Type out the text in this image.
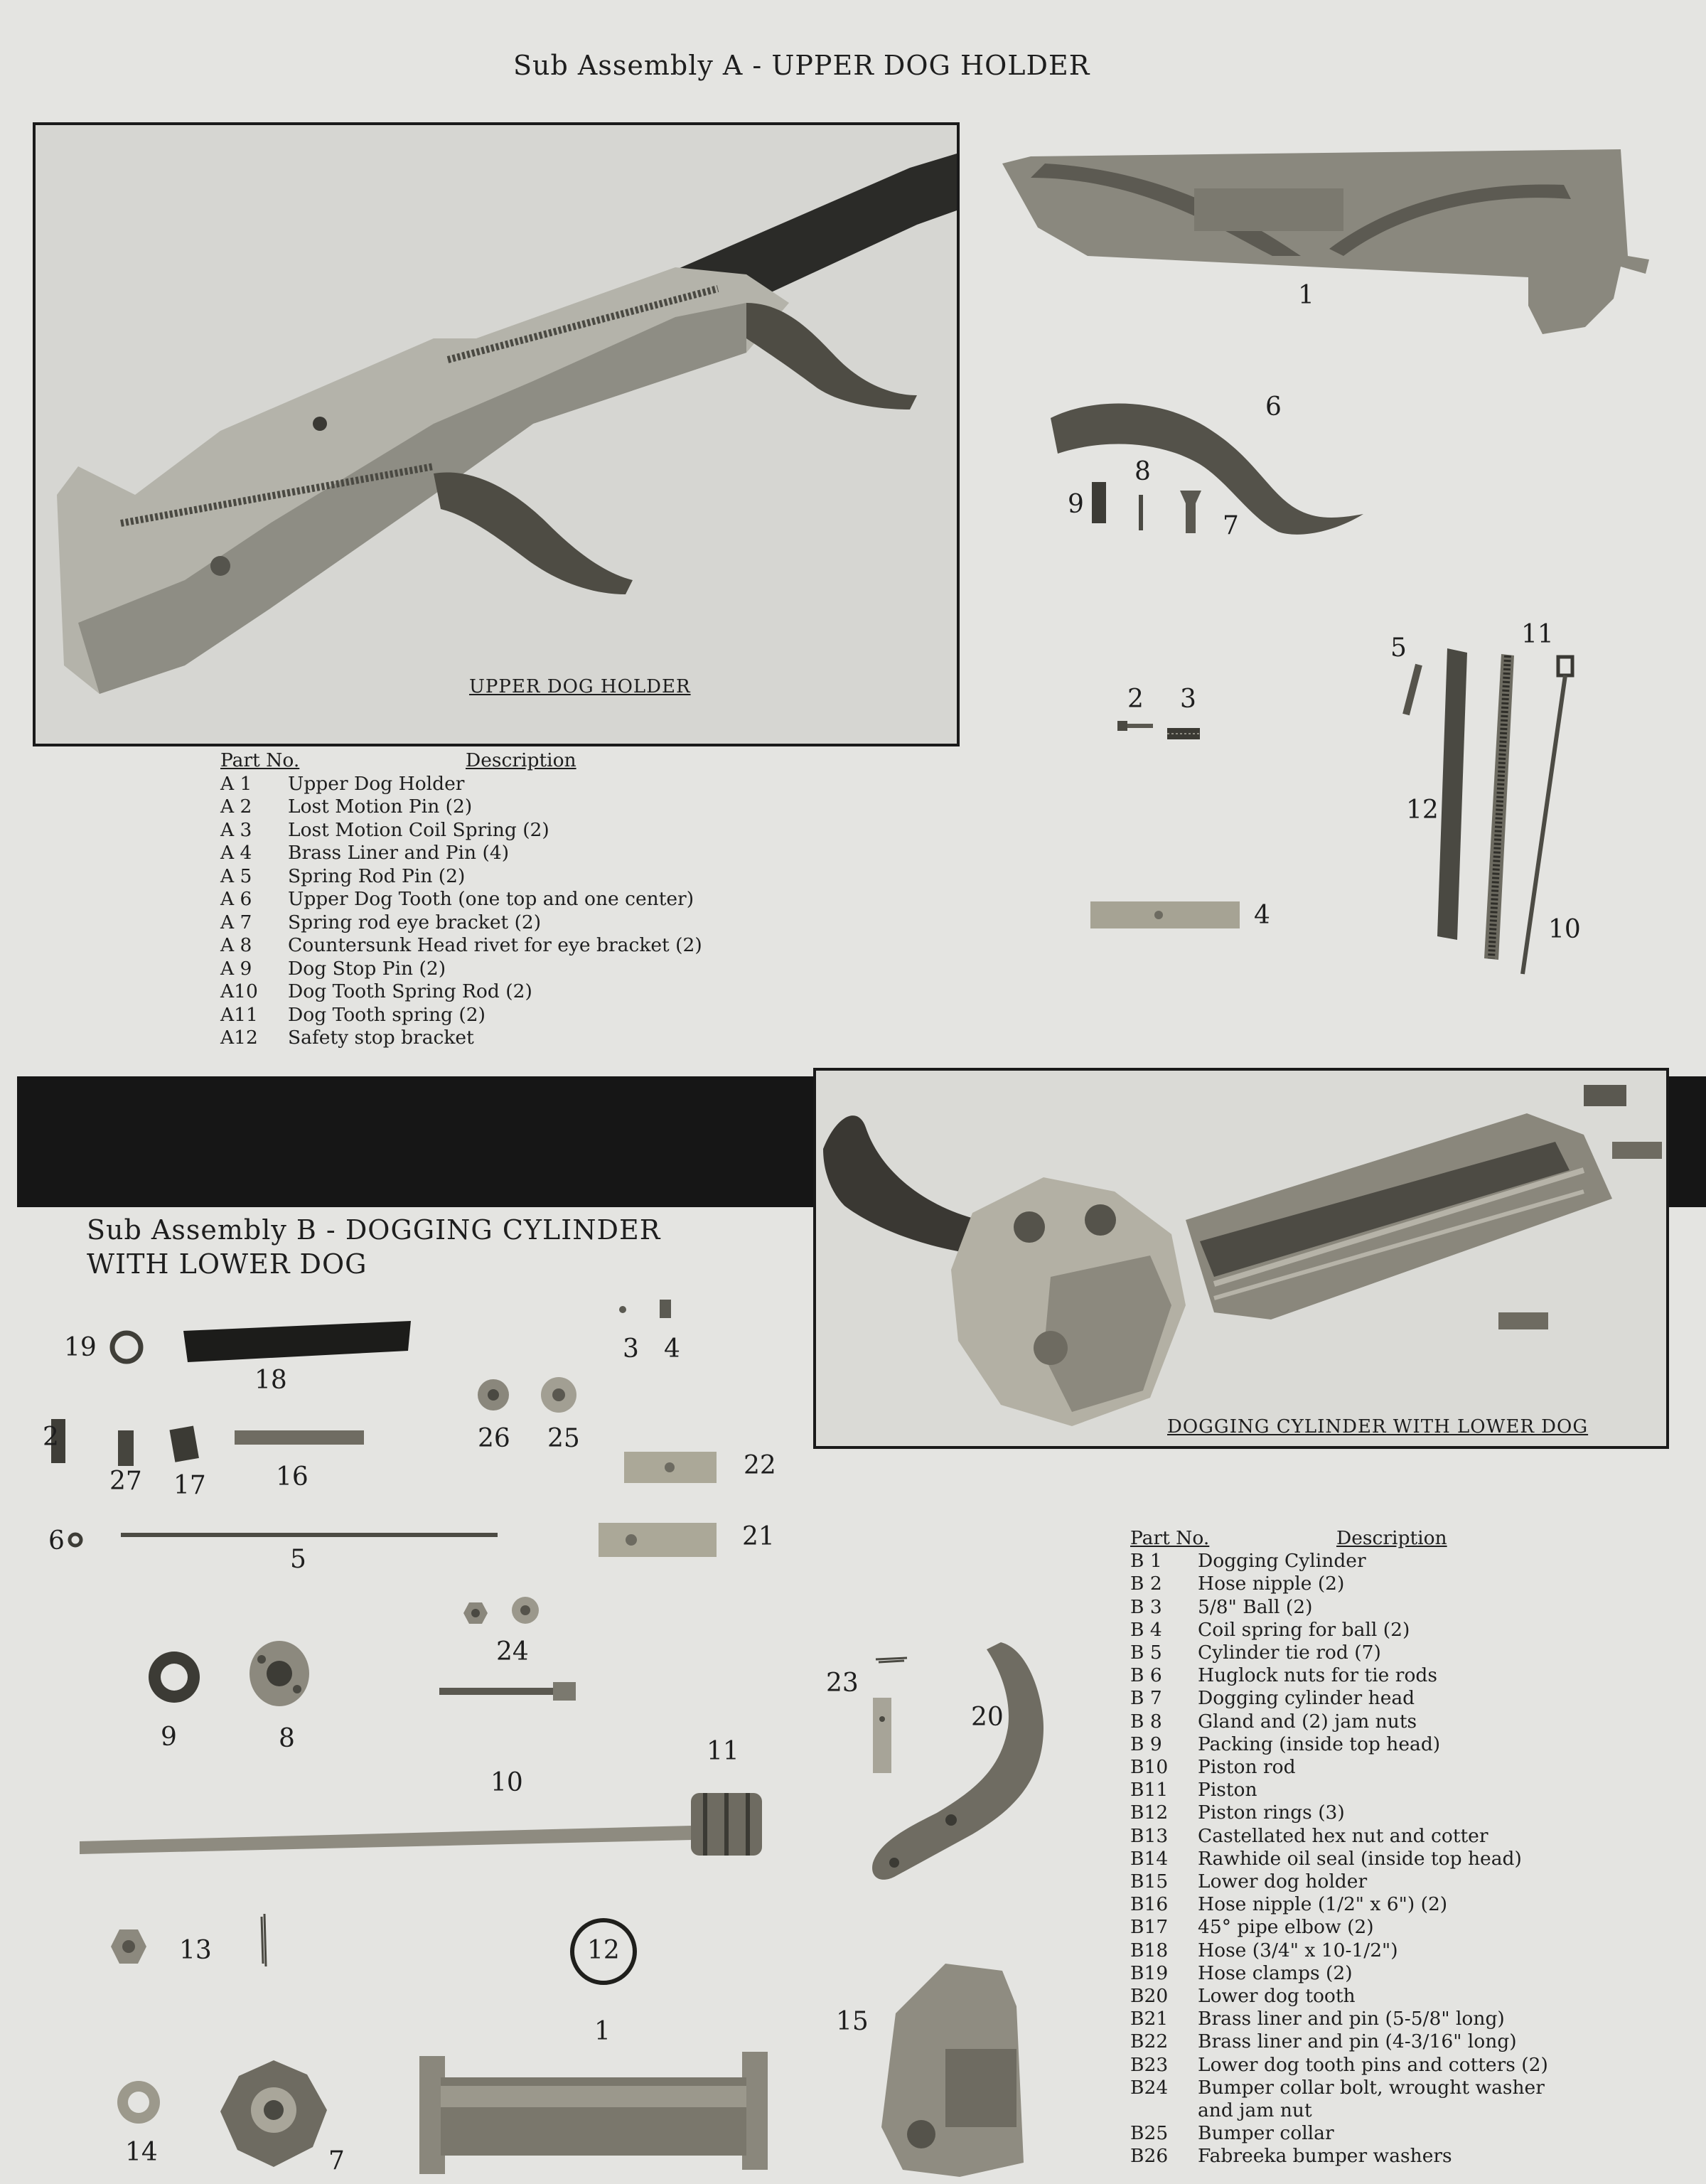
Sub Assembly A - UPPER DOG HOLDER
UPPER DOG HOLDER
1
6
9
8
7
2 3
4
5	11
12
10
Part No.	Description
A 1	Upper Dog Holder
A 2	Lost Motion Pin (2)
A 3	Lost Motion Coil Spring (2)
A 4	Brass Liner and Pin (4)
A 5	Spring Rod Pin (2)
A 6	Upper Dog Tooth (one top and one center)
A 7	Spring rod eye bracket (2)
A 8	Countersunk Head rivet for eye bracket (2)
A 9	Dog Stop Pin (2)
A10	Dog Tooth Spring Rod (2)
A11	Dog Tooth spring (2)
A12	Safety stop bracket
DOGGING CYLINDER WITH LOWER DOG
Sub Assembly B - DOGGING CYLINDER
WITH LOWER DOG
19
18
3 4
2
27 17	16
26 25
22
21
6
5
24
9	8
10
11
13	12
14	7
1
23
20
15
Part No.	Description
B 1	Dogging Cylinder
B 2	Hose nipple (2)
B 3	5/8" Ball (2)
B 4	Coil spring for ball (2)
B 5	Cylinder tie rod (7)
B 6	Huglock nuts for tie rods
B 7	Dogging cylinder head
B 8	Gland and (2) jam nuts
B 9	Packing (inside top head)
B10	Piston rod
B11	Piston
B12	Piston rings (3)
B13	Castellated hex nut and cotter
B14	Rawhide oil seal (inside top head)
B15	Lower dog holder
B16	Hose nipple (1/2" x 6") (2)
B17	45° pipe elbow (2)
B18	Hose (3/4" x 10-1/2")
B19	Hose clamps (2)
B20	Lower dog tooth
B21	Brass liner and pin (5-5/8" long)
B22	Brass liner and pin (4-3/16" long)
B23	Lower dog tooth pins and cotters (2)
B24	Bumper collar bolt, wrought washer
and jam nut
B25	Bumper collar
B26	Fabreeka bumper washers
